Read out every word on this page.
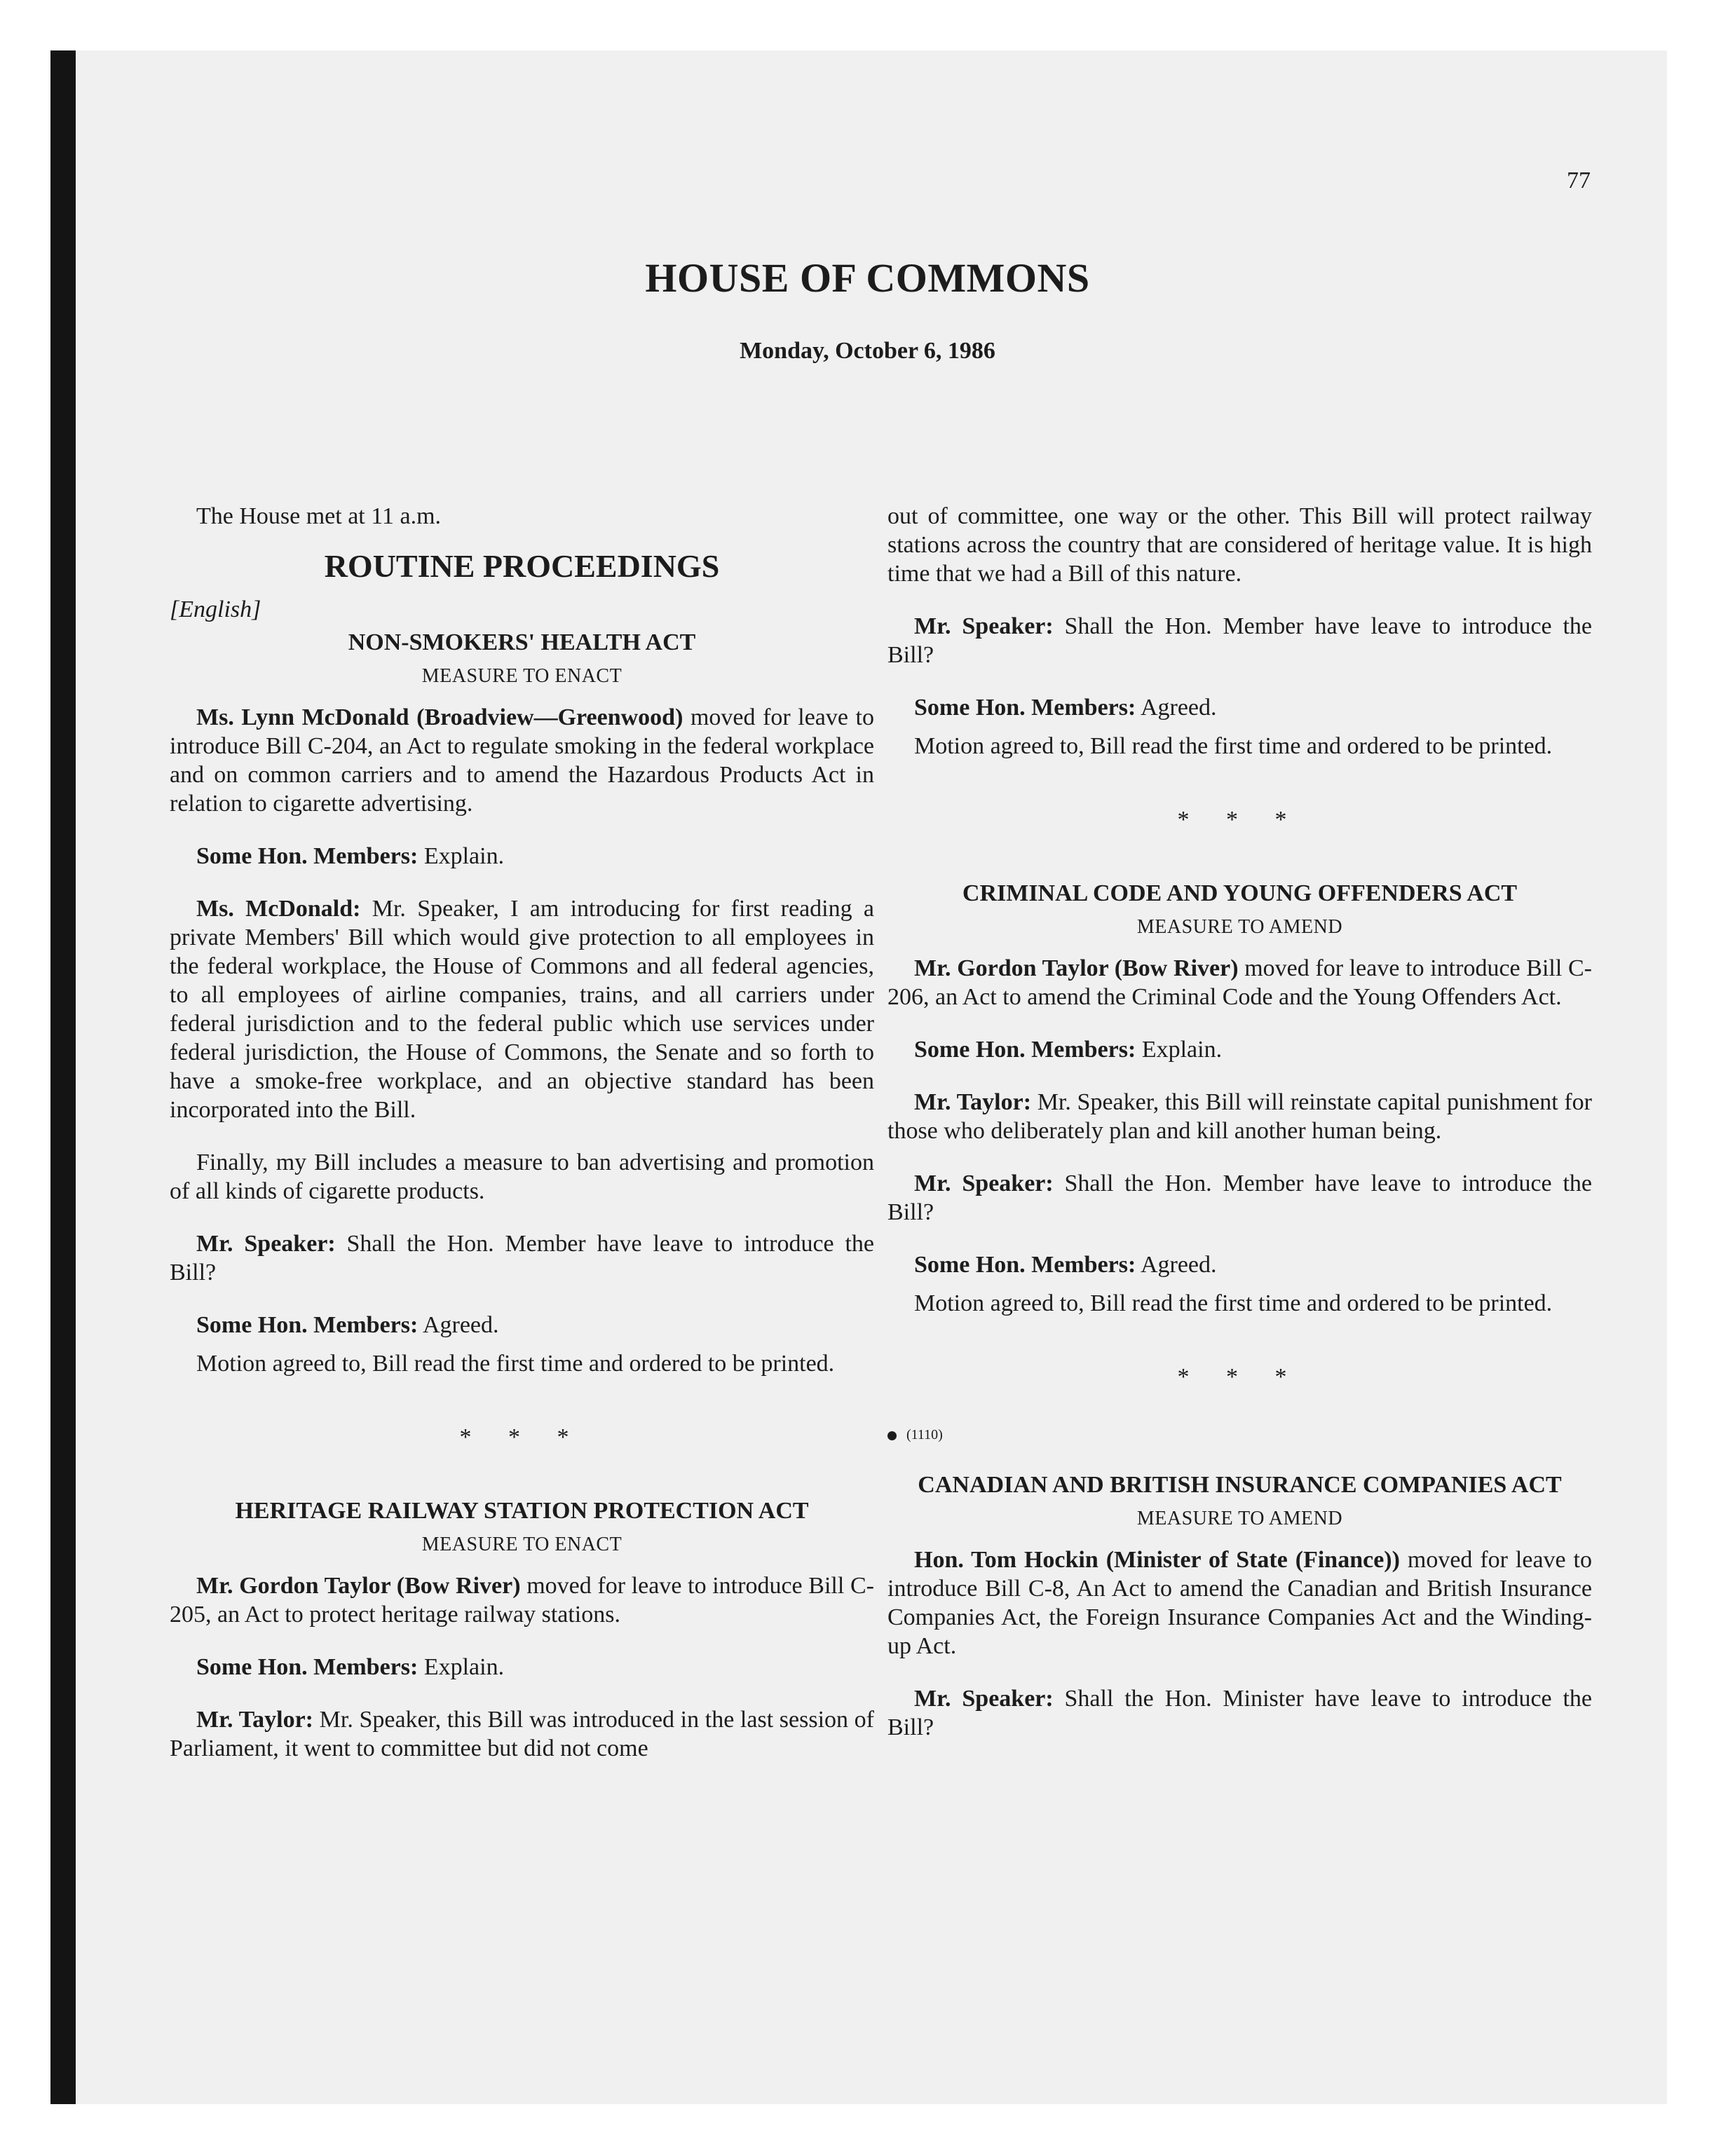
77
HOUSE OF COMMONS
Monday, October 6, 1986

The House met at 11 a.m.

ROUTINE PROCEEDINGS
[English]
NON-SMOKERS' HEALTH ACT
MEASURE TO ENACT

Ms. Lynn McDonald (Broadview—Greenwood) moved for leave to introduce Bill C-204, an Act to regulate smoking in the federal workplace and on common carriers and to amend the Hazardous Products Act in relation to cigarette advertising.

Some Hon. Members: Explain.

Ms. McDonald: Mr. Speaker, I am introducing for first reading a private Members' Bill which would give protection to all employees in the federal workplace, the House of Commons and all federal agencies, to all employees of airline companies, trains, and all carriers under federal jurisdiction and to the federal public which use services under federal jurisdiction, the House of Commons, the Senate and so forth to have a smoke-free workplace, and an objective standard has been incorporated into the Bill.

Finally, my Bill includes a measure to ban advertising and promotion of all kinds of cigarette products.

Mr. Speaker: Shall the Hon. Member have leave to introduce the Bill?

Some Hon. Members: Agreed.

Motion agreed to, Bill read the first time and ordered to be printed.

* * *
HERITAGE RAILWAY STATION PROTECTION ACT
MEASURE TO ENACT

Mr. Gordon Taylor (Bow River) moved for leave to introduce Bill C-205, an Act to protect heritage railway stations.

Some Hon. Members: Explain.

Mr. Taylor: Mr. Speaker, this Bill was introduced in the last session of Parliament, it went to committee but did not come

out of committee, one way or the other. This Bill will protect railway stations across the country that are considered of heritage value. It is high time that we had a Bill of this nature.

Mr. Speaker: Shall the Hon. Member have leave to introduce the Bill?

Some Hon. Members: Agreed.

Motion agreed to, Bill read the first time and ordered to be printed.

* * *
CRIMINAL CODE AND YOUNG OFFENDERS ACT
MEASURE TO AMEND

Mr. Gordon Taylor (Bow River) moved for leave to introduce Bill C-206, an Act to amend the Criminal Code and the Young Offenders Act.

Some Hon. Members: Explain.

Mr. Taylor: Mr. Speaker, this Bill will reinstate capital punishment for those who deliberately plan and kill another human being.

Mr. Speaker: Shall the Hon. Member have leave to introduce the Bill?

Some Hon. Members: Agreed.

Motion agreed to, Bill read the first time and ordered to be printed.

* * *
(1110)
CANADIAN AND BRITISH INSURANCE COMPANIES ACT
MEASURE TO AMEND

Hon. Tom Hockin (Minister of State (Finance)) moved for leave to introduce Bill C-8, An Act to amend the Canadian and British Insurance Companies Act, the Foreign Insurance Companies Act and the Winding-up Act.

Mr. Speaker: Shall the Hon. Minister have leave to introduce the Bill?
